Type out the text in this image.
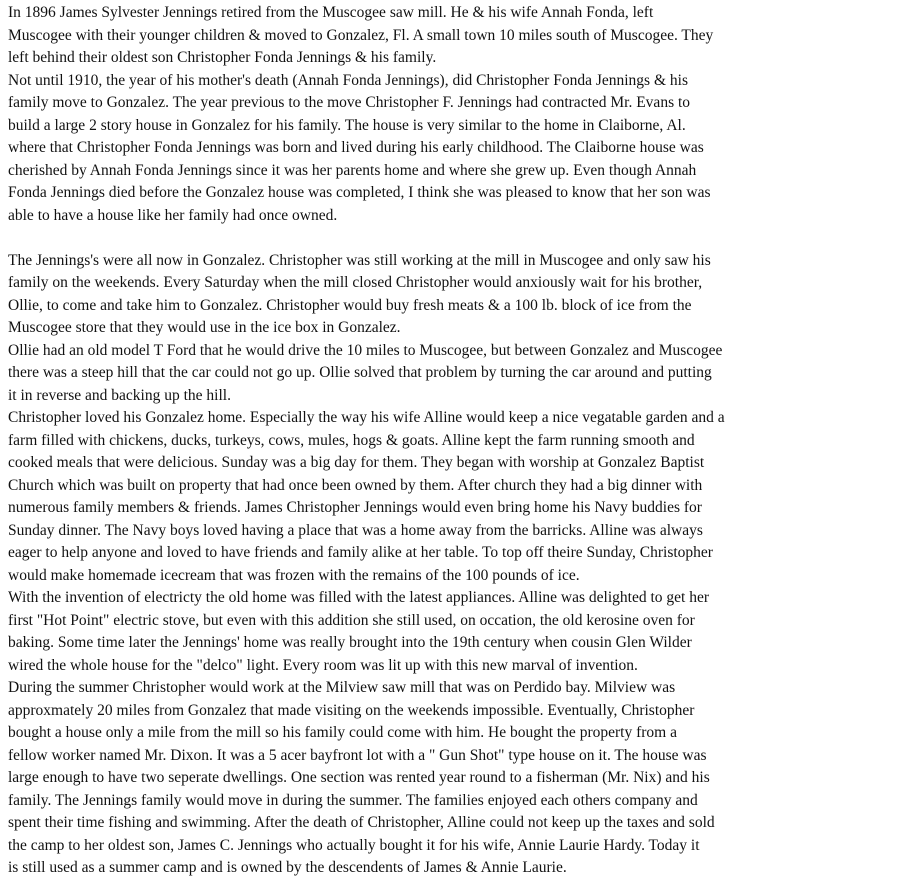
In 1896 James Sylvester Jennings retired from the Muscogee saw mill. He & his wife Annah Fonda, left
Muscogee with their younger children & moved to Gonzalez, Fl. A small town 10 miles south of Muscogee. They
left behind their oldest son Christopher Fonda Jennings & his family.
Not until 1910, the year of his mother's death (Annah Fonda Jennings), did Christopher Fonda Jennings & his
family move to Gonzalez. The year previous to the move Christopher F. Jennings had contracted Mr. Evans to
build a large 2 story house in Gonzalez for his family. The house is very similar to the home in Claiborne, Al.
where that Christopher Fonda Jennings was born and lived during his early childhood. The Claiborne house was
cherished by Annah Fonda Jennings since it was her parents home and where she grew up. Even though Annah
Fonda Jennings died before the Gonzalez house was completed, I think she was pleased to know that her son was
able to have a house like her family had once owned.
The Jennings's were all now in Gonzalez. Christopher was still working at the mill in Muscogee and only saw his
family on the weekends. Every Saturday when the mill closed Christopher would anxiously wait for his brother,
Ollie, to come and take him to Gonzalez. Christopher would buy fresh meats & a 100 lb. block of ice from the
Muscogee store that they would use in the ice box in Gonzalez.
Ollie had an old model T Ford that he would drive the 10 miles to Muscogee, but between Gonzalez and Muscogee
there was a steep hill that the car could not go up. Ollie solved that problem by turning the car around and putting
it in reverse and backing up the hill.
Christopher loved his Gonzalez home. Especially the way his wife Alline would keep a nice vegatable garden and a
farm filled with chickens, ducks, turkeys, cows, mules, hogs & goats. Alline kept the farm running smooth and
cooked meals that were delicious. Sunday was a big day for them. They began with worship at Gonzalez Baptist
Church which was built on property that had once been owned by them. After church they had a big dinner with
numerous family members & friends. James Christopher Jennings would even bring home his Navy buddies for
Sunday dinner. The Navy boys loved having a place that was a home away from the barricks. Alline was always
eager to help anyone and loved to have friends and family alike at her table. To top off theire Sunday, Christopher
would make homemade icecream that was frozen with the remains of the 100 pounds of ice.
With the invention of electricty the old home was filled with the latest appliances. Alline was delighted to get her
first "Hot Point" electric stove, but even with this addition she still used, on occation, the old kerosine oven for
baking. Some time later the Jennings' home was really brought into the 19th century when cousin Glen Wilder
wired the whole house for the "delco" light. Every room was lit up with this new marval of invention.
During the summer Christopher would work at the Milview saw mill that was on Perdido bay. Milview was
approxmately 20 miles from Gonzalez that made visiting on the weekends impossible. Eventually, Christopher
bought a house only a mile from the mill so his family could come with him. He bought the property from a
fellow worker named Mr. Dixon. It was a 5 acer bayfront lot with a " Gun Shot" type house on it. The house was
large enough to have two seperate dwellings. One section was rented year round to a fisherman (Mr. Nix) and his
family. The Jennings family would move in during the summer. The families enjoyed each others company and
spent their time fishing and swimming. After the death of Christopher, Alline could not keep up the taxes and sold
the camp to her oldest son, James C. Jennings who actually bought it for his wife, Annie Laurie Hardy. Today it
is still used as a summer camp and is owned by the descendents of James & Annie Laurie.
